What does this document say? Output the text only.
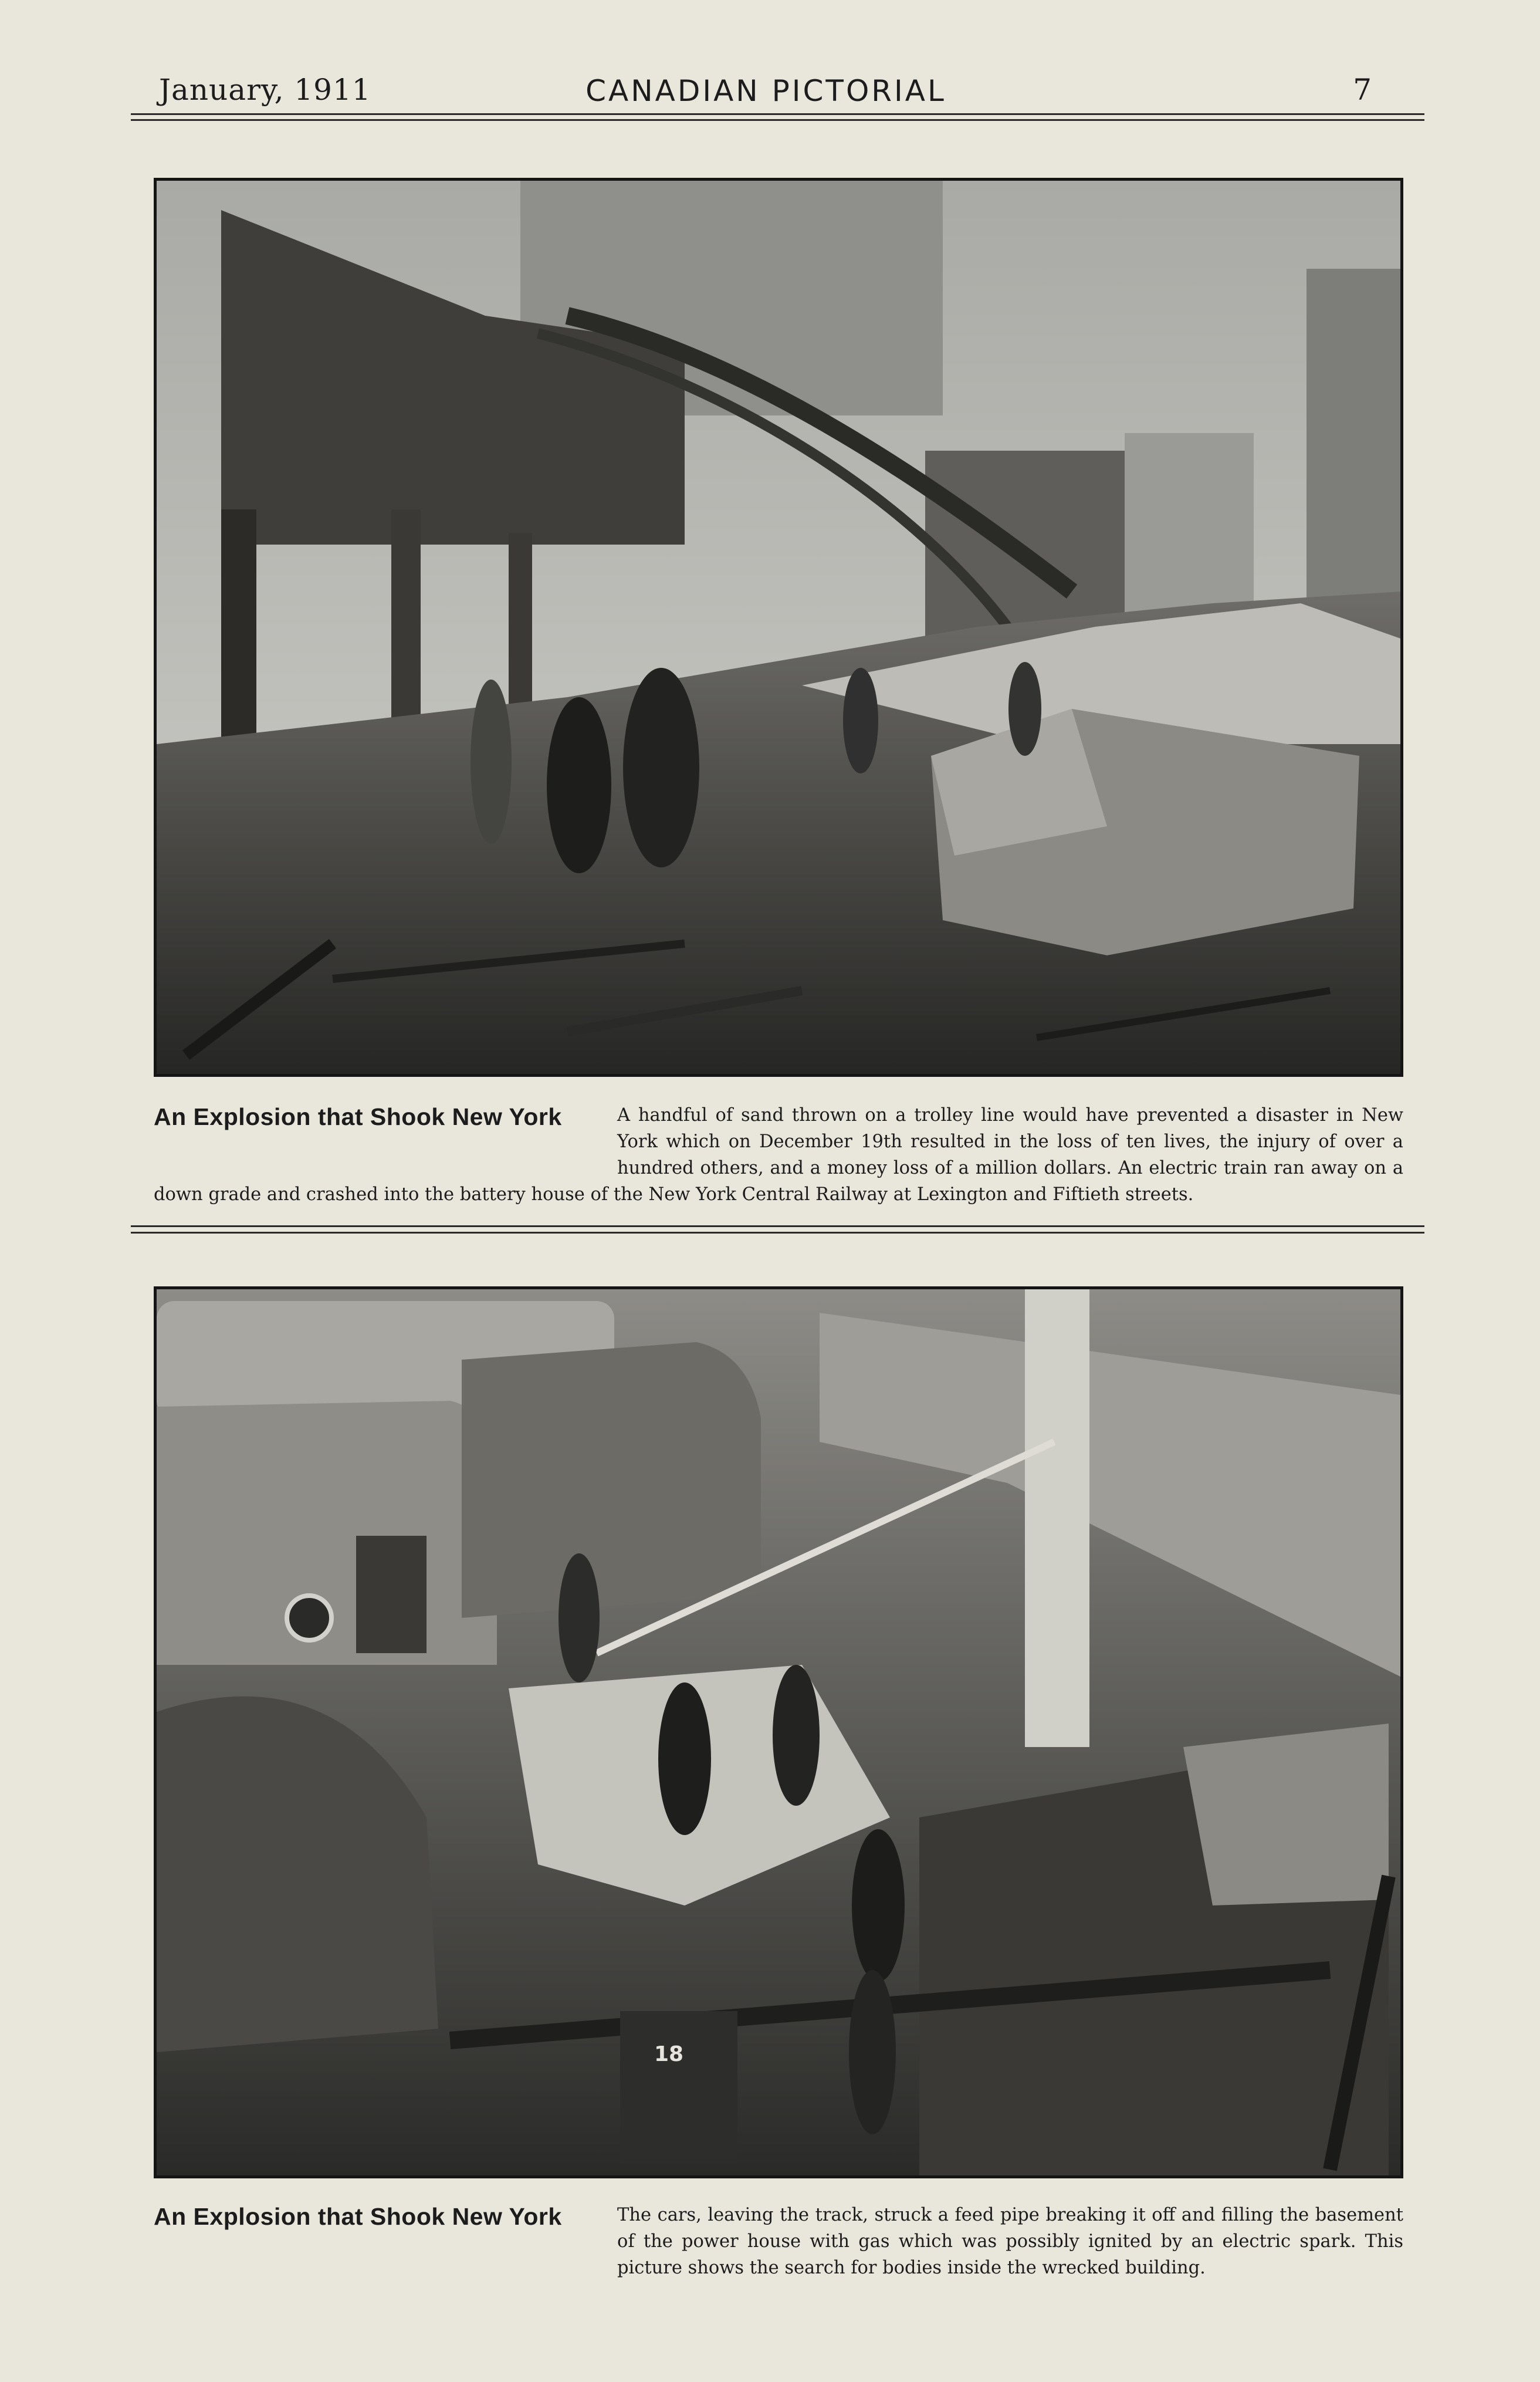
January, 1911	CANADIAN PICTORIAL	7
An Explosion that Shook New York	A handful of sand thrown on a trolley line would have prevented a disaster in New York which on December 19th resulted in the loss of ten lives, the injury of over a hundred others, and a money loss of a million dollars. An electric train ran away on a down grade and crashed into the battery house of the New York Central Railway at Lexington and Fiftieth streets.
18
An Explosion that Shook New York	The cars, leaving the track, struck a feed pipe breaking it off and filling the basement of the power house with gas which was possibly ignited by an electric spark. This picture shows the search for bodies inside the wrecked building.
